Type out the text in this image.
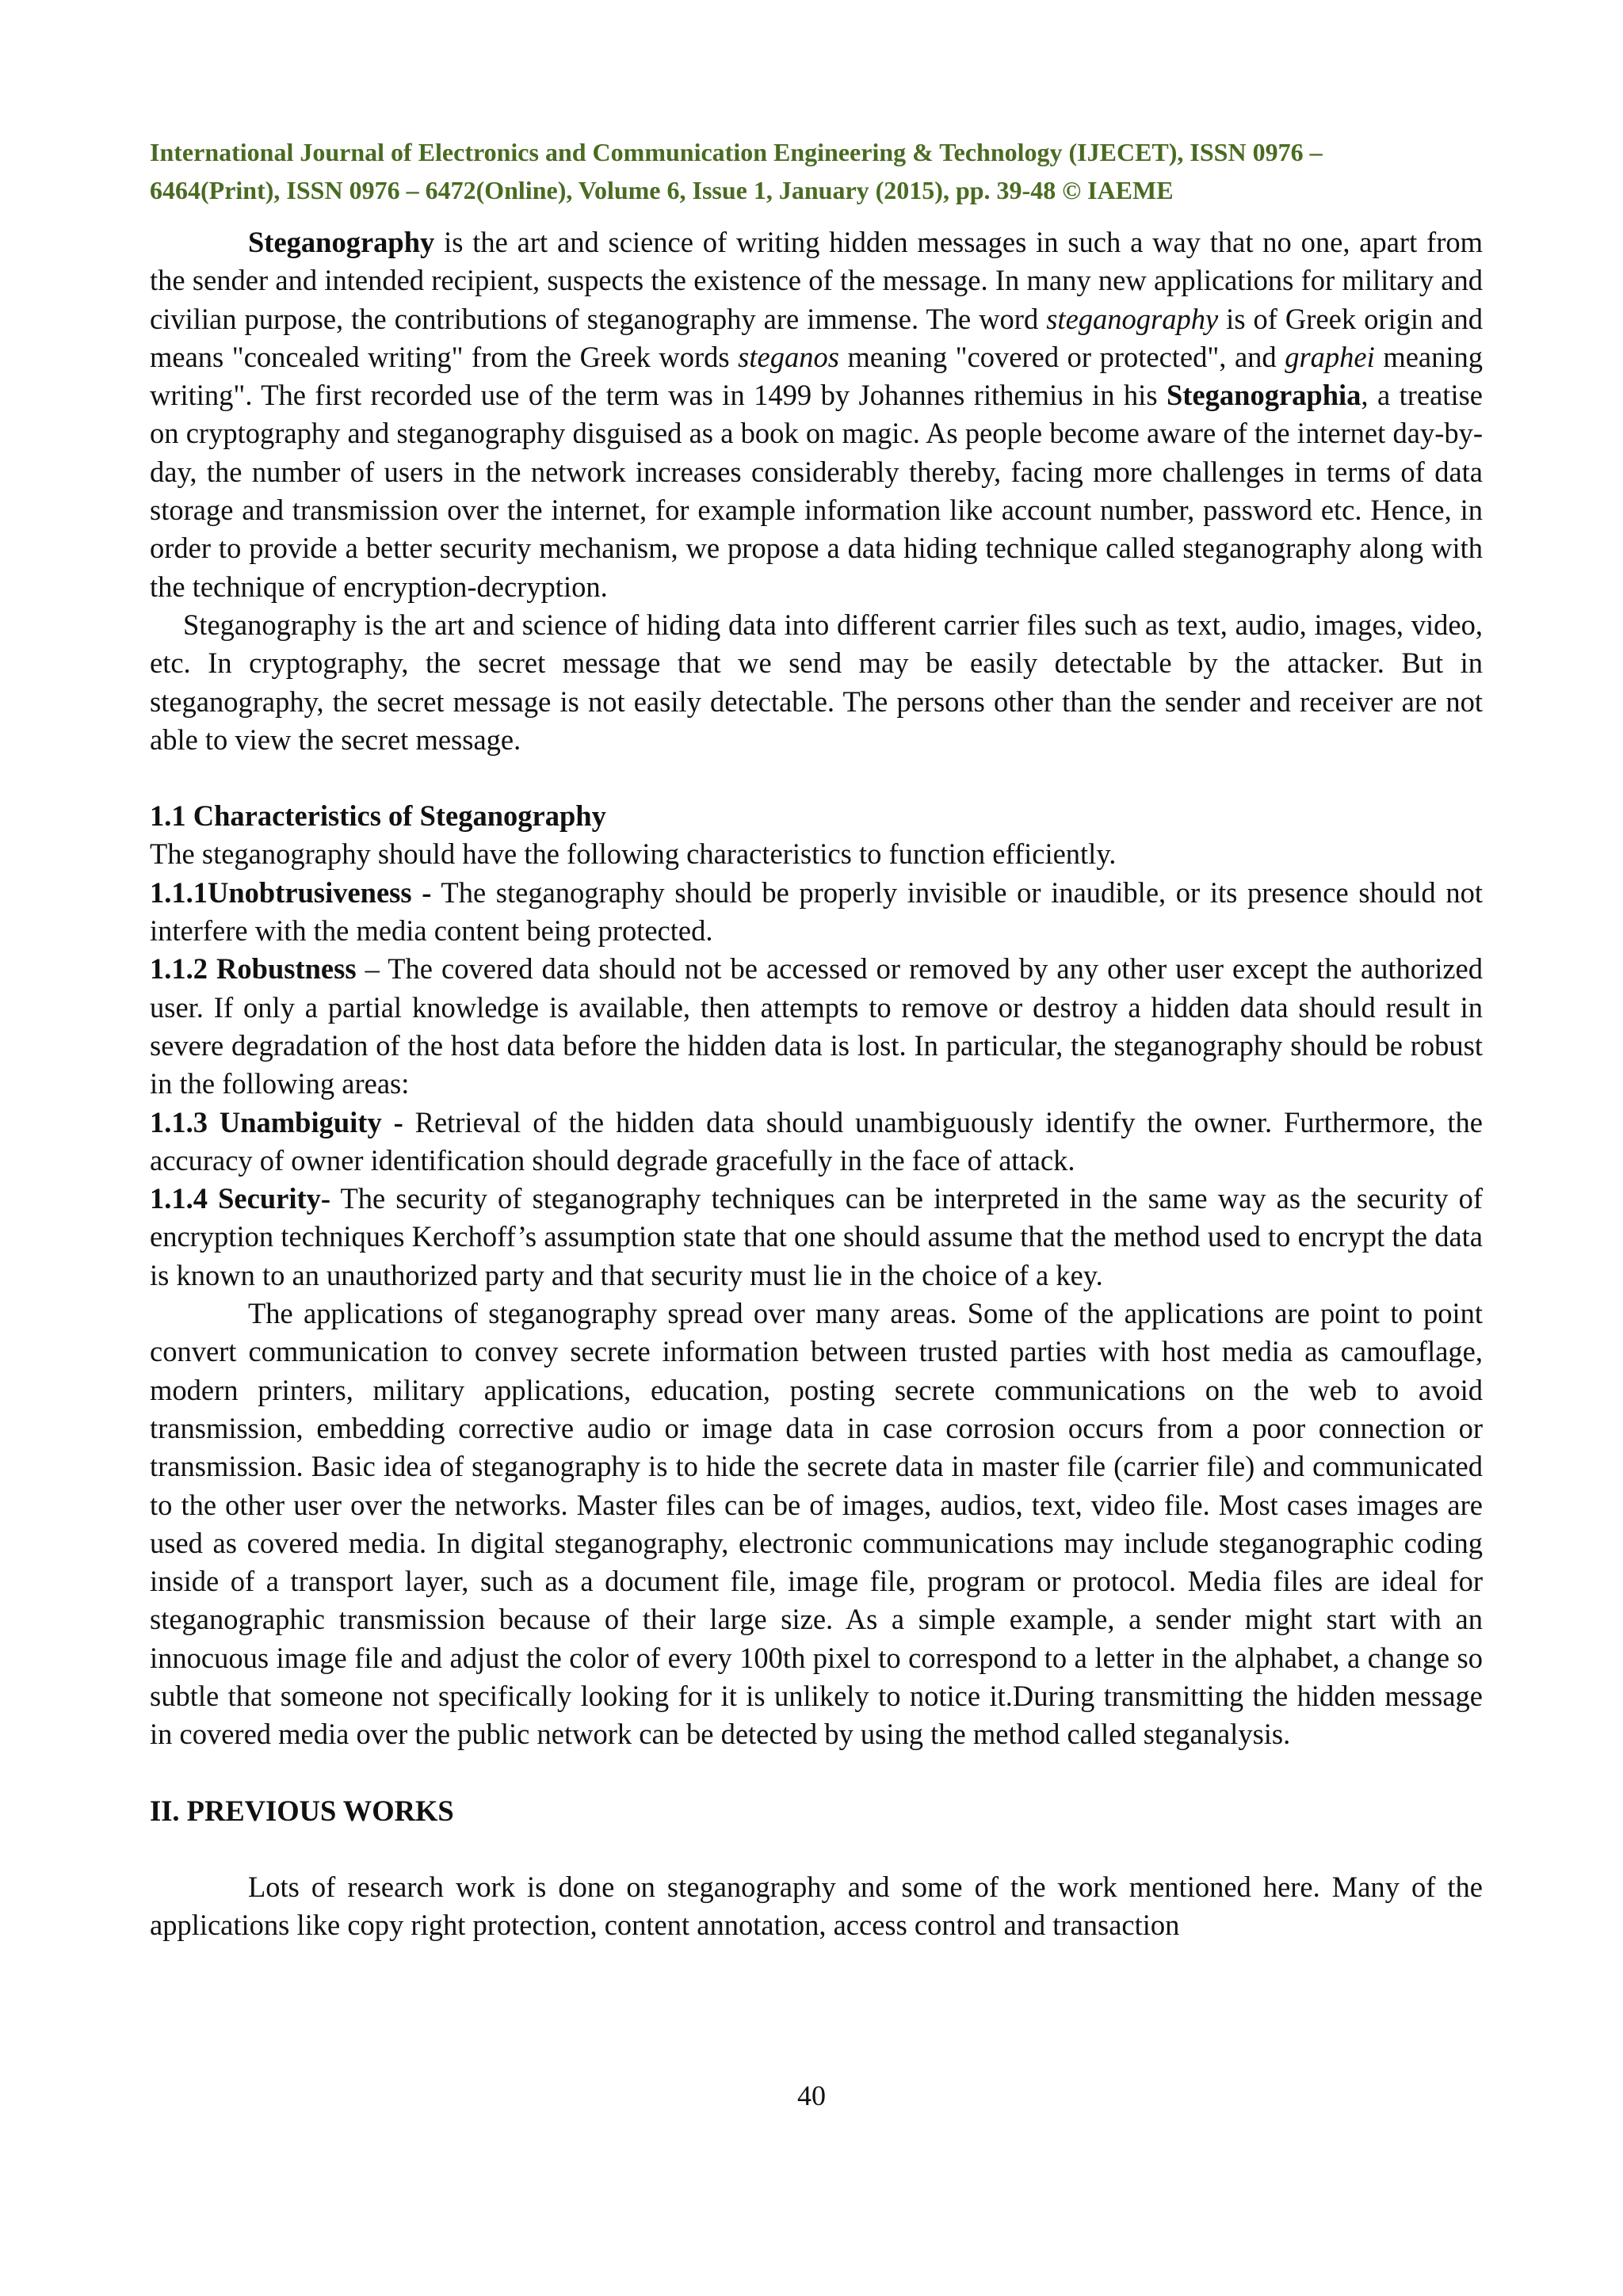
International Journal of Electronics and Communication Engineering & Technology (IJECET), ISSN 0976 –
6464(Print), ISSN 0976 – 6472(Online), Volume 6, Issue 1, January (2015), pp. 39-48 © IAEME

Steganography is the art and science of writing hidden messages in such a way that no one, apart from the sender and intended recipient, suspects the existence of the message. In many new applications for military and civilian purpose, the contributions of steganography are immense. The word steganography is of Greek origin and means "concealed writing" from the Greek words steganos meaning "covered or protected", and graphei meaning writing". The first recorded use of the term was in 1499 by Johannes rithemius in his Steganographia, a treatise on cryptography and steganography disguised as a book on magic. As people become aware of the internet day-by-day, the number of users in the network increases considerably thereby, facing more challenges in terms of data storage and transmission over the internet, for example information like account number, password etc. Hence, in order to provide a better security mechanism, we propose a data hiding technique called steganography along with the technique of encryption-decryption.

Steganography is the art and science of hiding data into different carrier files such as text, audio, images, video, etc. In cryptography, the secret message that we send may be easily detectable by the attacker. But in steganography, the secret message is not easily detectable. The persons other than the sender and receiver are not able to view the secret message.

1.1 Characteristics of Steganography

The steganography should have the following characteristics to function efficiently.

1.1.1Unobtrusiveness - The steganography should be properly invisible or inaudible, or its presence should not interfere with the media content being protected.

1.1.2 Robustness – The covered data should not be accessed or removed by any other user except the authorized user. If only a partial knowledge is available, then attempts to remove or destroy a hidden data should result in severe degradation of the host data before the hidden data is lost. In particular, the steganography should be robust in the following areas:

1.1.3 Unambiguity - Retrieval of the hidden data should unambiguously identify the owner. Furthermore, the accuracy of owner identification should degrade gracefully in the face of attack.

1.1.4 Security- The security of steganography techniques can be interpreted in the same way as the security of encryption techniques Kerchoff’s assumption state that one should assume that the method used to encrypt the data is known to an unauthorized party and that security must lie in the choice of a key.

The applications of steganography spread over many areas. Some of the applications are point to point convert communication to convey secrete information between trusted parties with host media as camouflage, modern printers, military applications, education, posting secrete communications on the web to avoid transmission, embedding corrective audio or image data in case corrosion occurs from a poor connection or transmission. Basic idea of steganography is to hide the secrete data in master file (carrier file) and communicated to the other user over the networks. Master files can be of images, audios, text, video file. Most cases images are used as covered media. In digital steganography, electronic communications may include steganographic coding inside of a transport layer, such as a document file, image file, program or protocol. Media files are ideal for steganographic transmission because of their large size. As a simple example, a sender might start with an innocuous image file and adjust the color of every 100th pixel to correspond to a letter in the alphabet, a change so subtle that someone not specifically looking for it is unlikely to notice it.During transmitting the hidden message in covered media over the public network can be detected by using the method called steganalysis.

II. PREVIOUS WORKS

Lots of research work is done on steganography and some of the work mentioned here. Many of the applications like copy right protection, content annotation, access control and transaction

40
